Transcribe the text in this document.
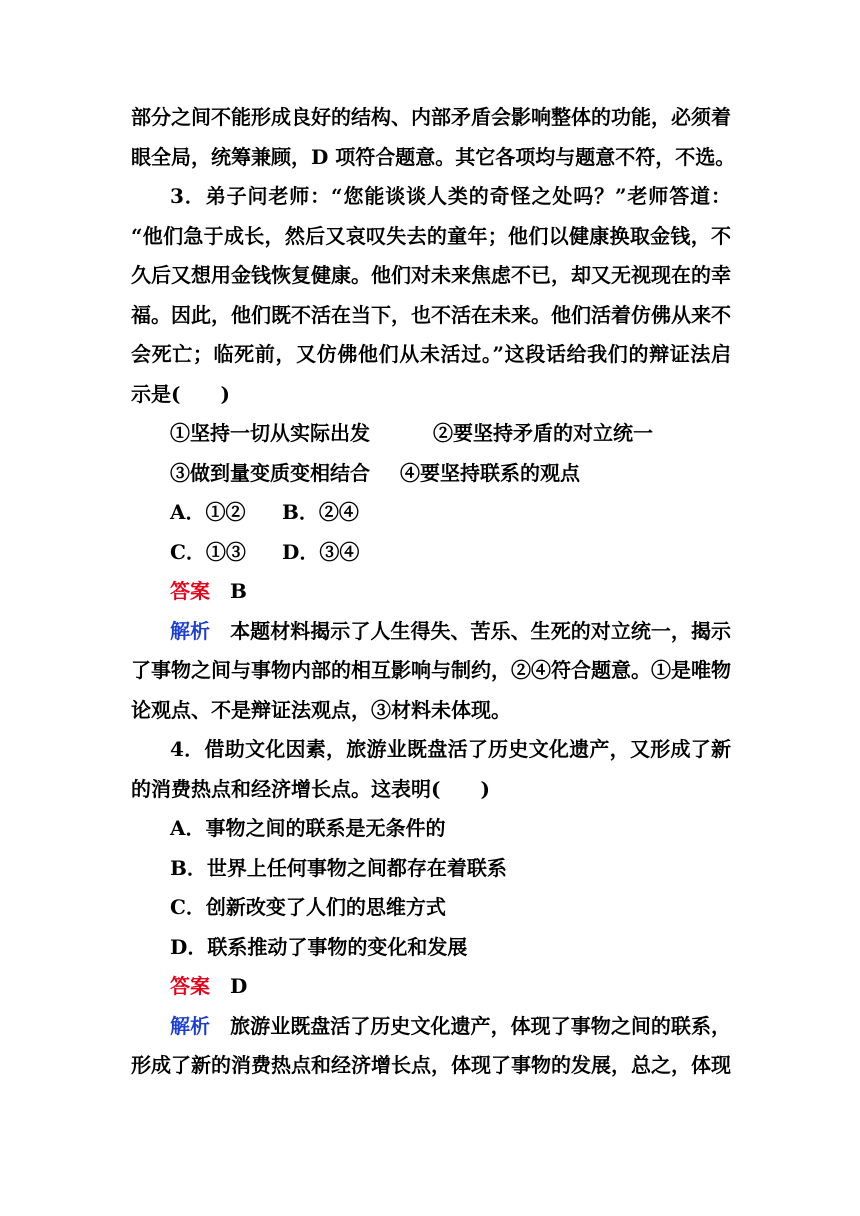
部分之间不能形成良好的结构、内部矛盾会影响整体的功能，必须着
眼全局，统筹兼顾，D 项符合题意。其它各项均与题意不符，不选。
3．弟子问老师：“您能谈谈人类的奇怪之处吗？”老师答道：
“他们急于成长，然后又哀叹失去的童年；他们以健康换取金钱，不
久后又想用金钱恢复健康。他们对未来焦虑不已，却又无视现在的幸
福。因此，他们既不活在当下，也不活在未来。他们活着仿佛从来不
会死亡；临死前，又仿佛他们从未活过。”这段话给我们的辩证法启
示是(　　)
①坚持一切从实际出发	②要坚持矛盾的对立统一
③做到量变质变相结合 ④要坚持联系的观点
A．①② B．②④
C．①③ D．③④
答案 B
解析 本题材料揭示了人生得失、苦乐、生死的对立统一，揭示
了事物之间与事物内部的相互影响与制约，②④符合题意。①是唯物
论观点、不是辩证法观点，③材料未体现。
4．借助文化因素，旅游业既盘活了历史文化遗产，又形成了新
的消费热点和经济增长点。这表明(　　)
A．事物之间的联系是无条件的
B．世界上任何事物之间都存在着联系
C．创新改变了人们的思维方式
D．联系推动了事物的变化和发展
答案 D
解析 旅游业既盘活了历史文化遗产，体现了事物之间的联系，
形成了新的消费热点和经济增长点，体现了事物的发展，总之，体现
